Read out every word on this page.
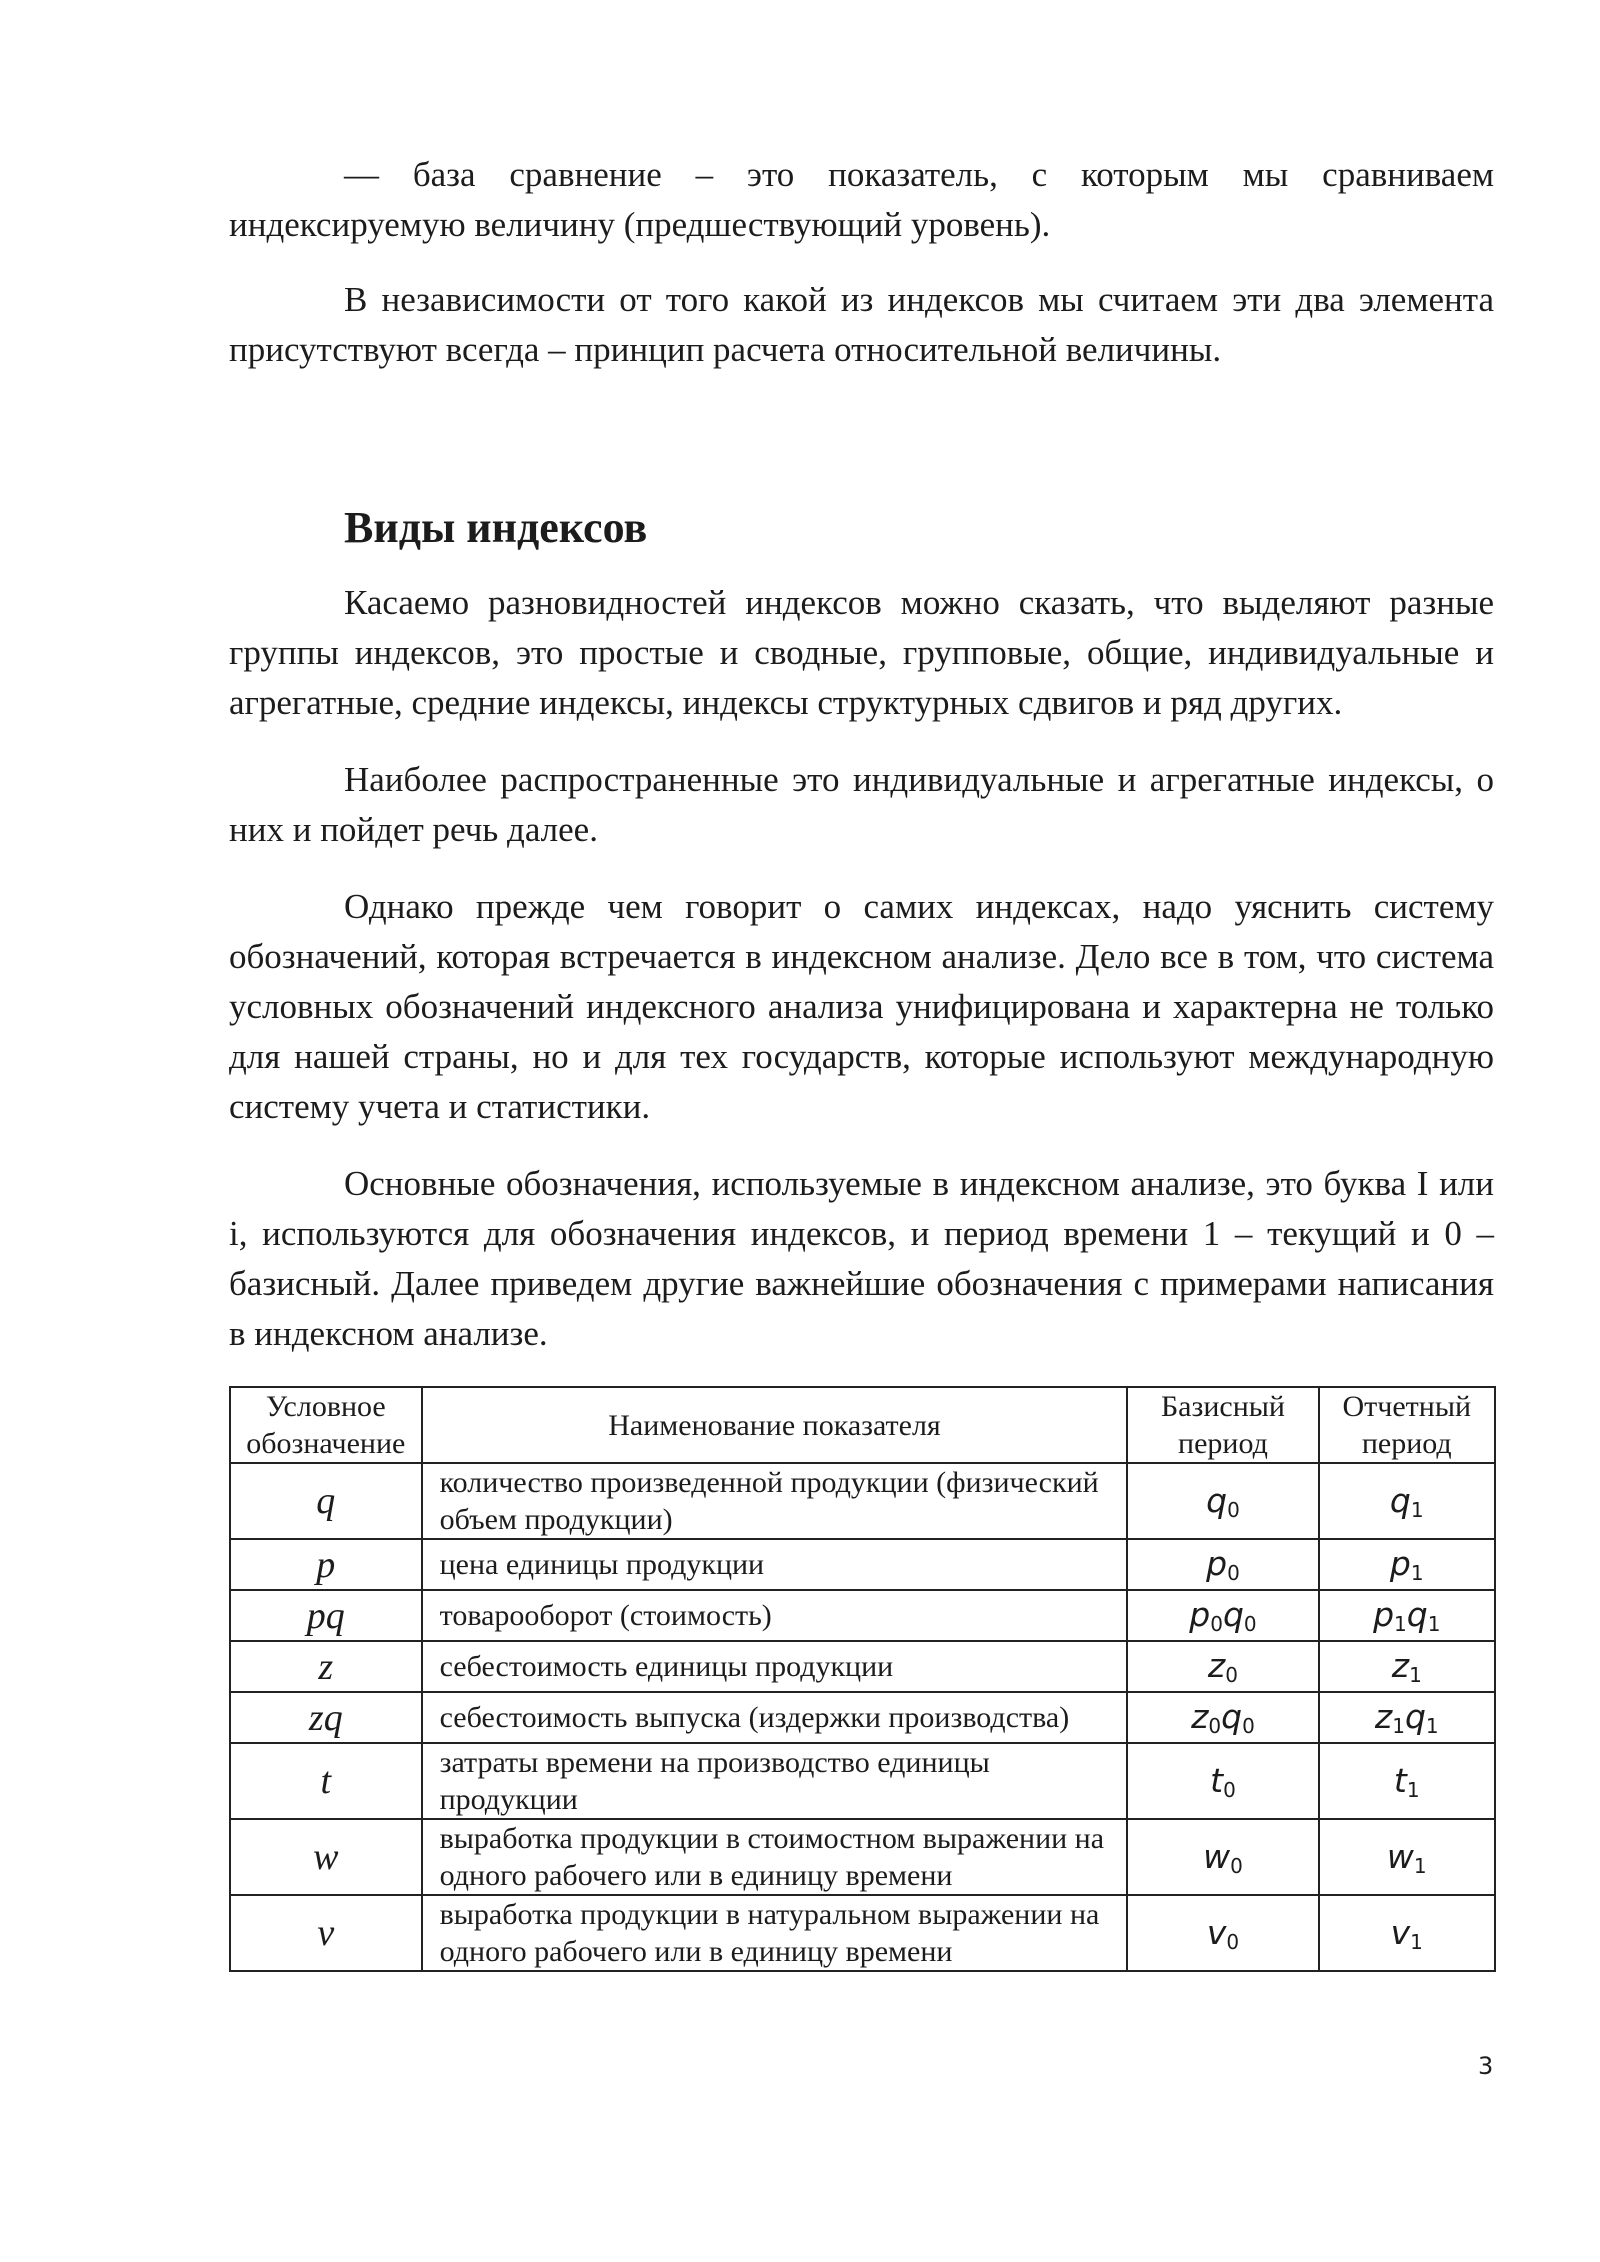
— база сравнение – это показатель, с которым мы сравниваем индексируемую величину (предшествующий уровень).

В независимости от того какой из индексов мы считаем эти два элемента присутствуют всегда – принцип расчета относительной величины.

Виды индексов

Касаемо разновидностей индексов можно сказать, что выделяют разные группы индексов, это простые и сводные, групповые, общие, индивидуальные и агрегатные, средние индексы, индексы структурных сдвигов и ряд других.

Наиболее распространенные это индивидуальные и агрегатные индексы, о них и пойдет речь далее.

Однако прежде чем говорит о самих индексах, надо уяснить систему обозначений, которая встречается в индексном анализе. Дело все в том, что система условных обозначений индексного анализа унифицирована и характерна не только для нашей страны, но и для тех государств, которые используют международную систему учета и статистики.

Основные обозначения, используемые в индексном анализе, это буква I или i, используются для обозначения индексов, и период времени 1 – текущий и 0 – базисный. Далее приведем другие важнейшие обозначения с примерами написания в индексном анализе.

Условное обозначение	Наименование показателя	Базисный период	Отчетный период
q	количество произведенной продукции (физический объем продукции)	$q_0$	$q_1$
p	цена единицы продукции	$p_0$	$p_1$
pq	товарооборот (стоимость)	$p_0q_0$	$p_1q_1$
z	себестоимость единицы продукции	$z_0$	$z_1$
zq	себестоимость выпуска (издержки производства)	$z_0q_0$	$z_1q_1$
t	затраты времени на производство единицы продукции	$t_0$	$t_1$
w	выработка продукции в стоимостном выражении на одного рабочего или в единицу времени	$w_0$	$w_1$
v	выработка продукции в натуральном выражении на одного рабочего или в единицу времени	$v_0$	$v_1$
3
